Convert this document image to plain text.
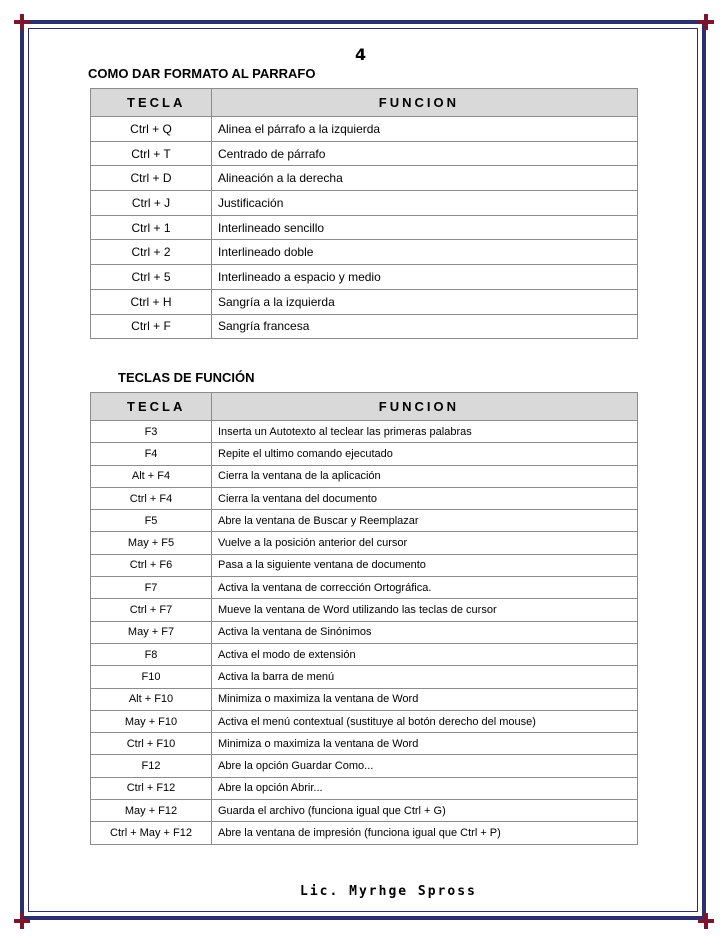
4
COMO DAR FORMATO AL PARRAFO
TECLA	FUNCION
Ctrl + Q	Alinea el párrafo a la izquierda
Ctrl + T	Centrado de párrafo
Ctrl + D	Alineación a la derecha
Ctrl + J	Justificación
Ctrl + 1	Interlineado sencillo
Ctrl + 2	Interlineado doble
Ctrl + 5	Interlineado a espacio y medio
Ctrl + H	Sangría a la izquierda
Ctrl + F	Sangría francesa
TECLAS DE FUNCIÓN
TECLA	FUNCION
F3	Inserta un Autotexto al teclear las primeras palabras
F4	Repite el ultimo comando ejecutado
Alt + F4	Cierra la ventana de la aplicación
Ctrl + F4	Cierra la ventana del documento
F5	Abre la ventana de Buscar y Reemplazar
May + F5	Vuelve a la posición anterior del cursor
Ctrl + F6	Pasa a la siguiente ventana de documento
F7	Activa la ventana de corrección Ortográfica.
Ctrl + F7	Mueve la ventana de Word utilizando las teclas de cursor
May + F7	Activa la ventana de Sinónimos
F8	Activa el modo de extensión
F10	Activa la barra de menú
Alt + F10	Minimiza o maximiza la ventana de Word
May + F10	Activa el menú contextual (sustituye al botón derecho del mouse)
Ctrl + F10	Minimiza o maximiza la ventana de Word
F12	Abre la opción Guardar Como...
Ctrl + F12	Abre la opción Abrir...
May + F12	Guarda el archivo (funciona igual que Ctrl + G)
Ctrl + May + F12	Abre la ventana de impresión (funciona igual que Ctrl + P)
Lic. Myrhge Spross
